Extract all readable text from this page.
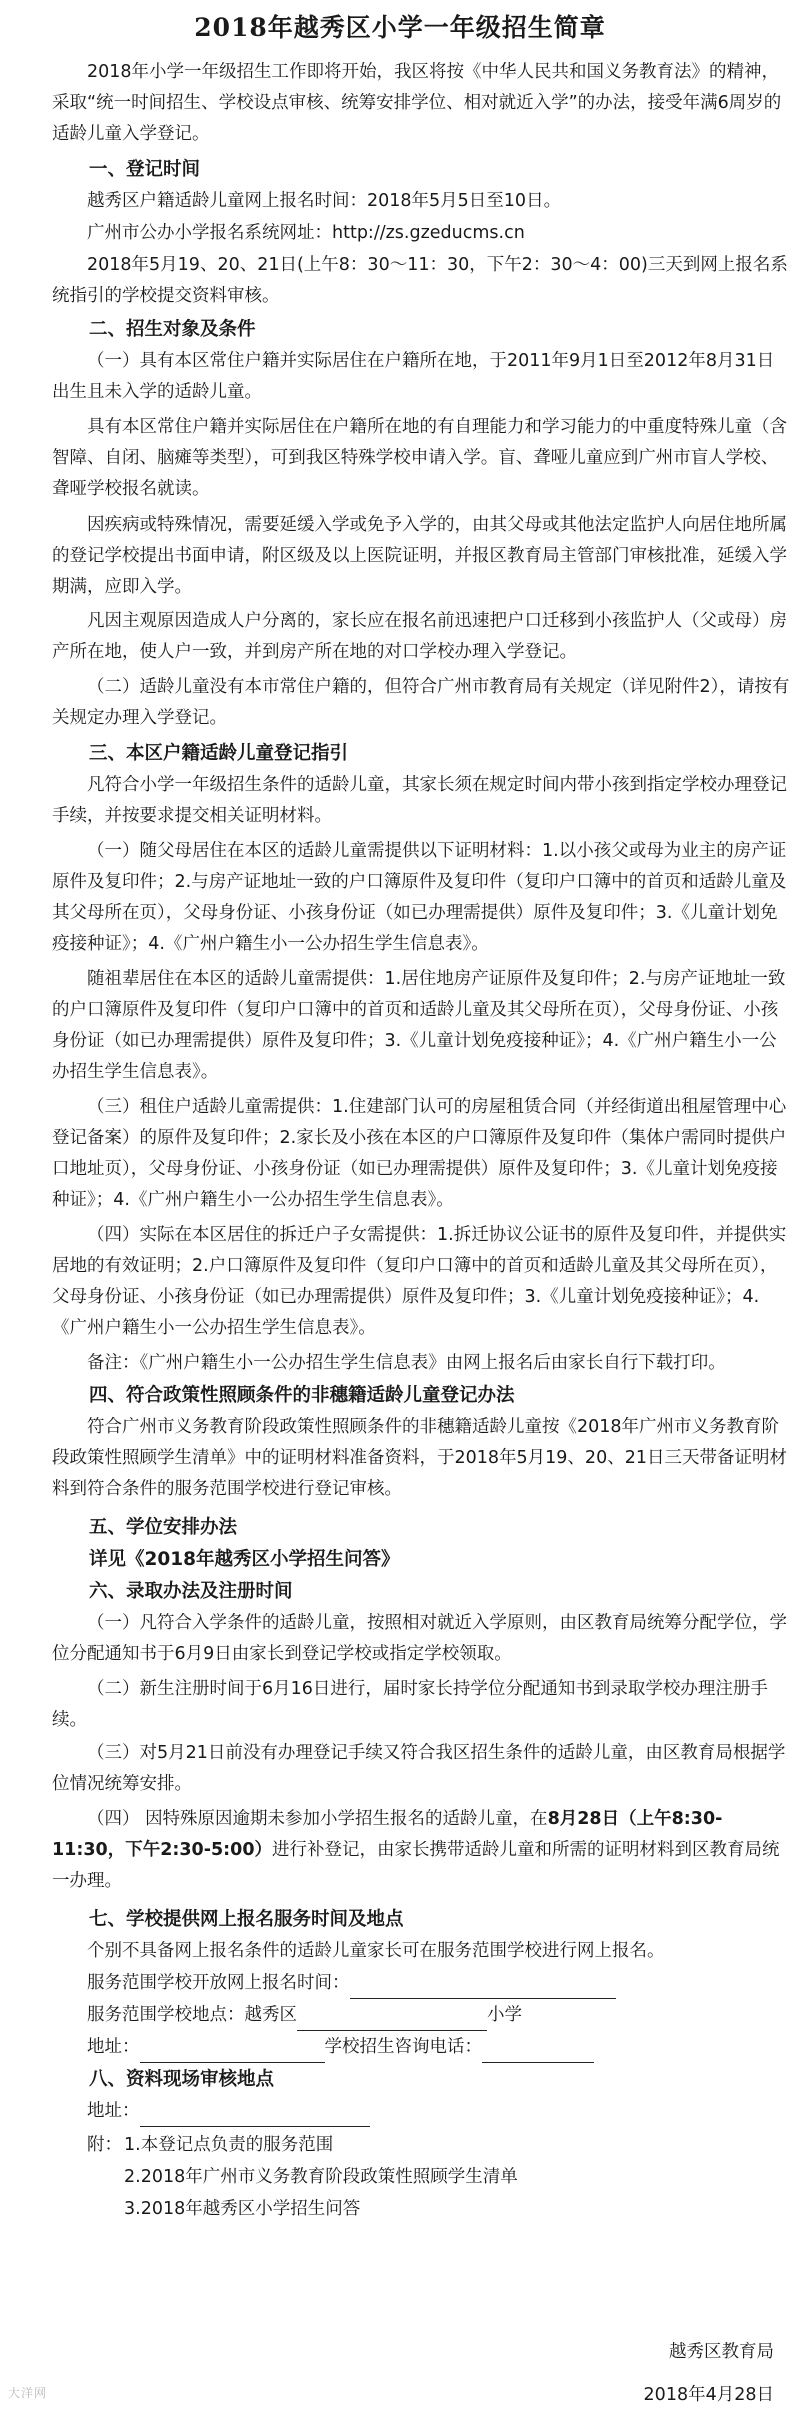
2018年越秀区小学一年级招生简章

2018年小学一年级招生工作即将开始，我区将按《中华人民共和国义务教育法》的精神，采取“统一时间招生、学校设点审核、统筹安排学位、相对就近入学”的办法，接受年满6周岁的适龄儿童入学登记。

一、登记时间

越秀区户籍适龄儿童网上报名时间：2018年5月5日至10日。

广州市公办小学报名系统网址：http://zs.gzeducms.cn

2018年5月19、20、21日(上午8：30～11：30，下午2：30～4：00)三天到网上报名系统指引的学校提交资料审核。

二、招生对象及条件

（一）具有本区常住户籍并实际居住在户籍所在地，于2011年9月1日至2012年8月31日出生且未入学的适龄儿童。

具有本区常住户籍并实际居住在户籍所在地的有自理能力和学习能力的中重度特殊儿童（含智障、自闭、脑瘫等类型），可到我区特殊学校申请入学。盲、聋哑儿童应到广州市盲人学校、聋哑学校报名就读。

因疾病或特殊情况，需要延缓入学或免予入学的，由其父母或其他法定监护人向居住地所属的登记学校提出书面申请，附区级及以上医院证明，并报区教育局主管部门审核批准，延缓入学期满，应即入学。

凡因主观原因造成人户分离的，家长应在报名前迅速把户口迁移到小孩监护人（父或母）房产所在地，使人户一致，并到房产所在地的对口学校办理入学登记。

（二）适龄儿童没有本市常住户籍的，但符合广州市教育局有关规定（详见附件2），请按有关规定办理入学登记。

三、本区户籍适龄儿童登记指引

凡符合小学一年级招生条件的适龄儿童，其家长须在规定时间内带小孩到指定学校办理登记手续，并按要求提交相关证明材料。

（一）随父母居住在本区的适龄儿童需提供以下证明材料：1.以小孩父或母为业主的房产证原件及复印件；2.与房产证地址一致的户口簿原件及复印件（复印户口簿中的首页和适龄儿童及其父母所在页），父母身份证、小孩身份证（如已办理需提供）原件及复印件；3.《儿童计划免疫接种证》；4.《广州户籍生小一公办招生学生信息表》。

随祖辈居住在本区的适龄儿童需提供：1.居住地房产证原件及复印件；2.与房产证地址一致的户口簿原件及复印件（复印户口簿中的首页和适龄儿童及其父母所在页），父母身份证、小孩身份证（如已办理需提供）原件及复印件；3.《儿童计划免疫接种证》；4.《广州户籍生小一公办招生学生信息表》。

（三）租住户适龄儿童需提供：1.住建部门认可的房屋租赁合同（并经街道出租屋管理中心登记备案）的原件及复印件；2.家长及小孩在本区的户口簿原件及复印件（集体户需同时提供户口地址页），父母身份证、小孩身份证（如已办理需提供）原件及复印件；3.《儿童计划免疫接种证》；4.《广州户籍生小一公办招生学生信息表》。

（四）实际在本区居住的拆迁户子女需提供：1.拆迁协议公证书的原件及复印件，并提供实居地的有效证明；2.户口簿原件及复印件（复印户口簿中的首页和适龄儿童及其父母所在页），父母身份证、小孩身份证（如已办理需提供）原件及复印件；3.《儿童计划免疫接种证》；4.《广州户籍生小一公办招生学生信息表》。

备注：《广州户籍生小一公办招生学生信息表》由网上报名后由家长自行下载打印。

四、符合政策性照顾条件的非穗籍适龄儿童登记办法

符合广州市义务教育阶段政策性照顾条件的非穗籍适龄儿童按《2018年广州市义务教育阶段政策性照顾学生清单》中的证明材料准备资料，于2018年5月19、20、21日三天带备证明材料到符合条件的服务范围学校进行登记审核。

五、学位安排办法

详见《2018年越秀区小学招生问答》

六、录取办法及注册时间

（一）凡符合入学条件的适龄儿童，按照相对就近入学原则，由区教育局统筹分配学位，学位分配通知书于6月9日由家长到登记学校或指定学校领取。

（二）新生注册时间于6月16日进行，届时家长持学位分配通知书到录取学校办理注册手续。

（三）对5月21日前没有办理登记手续又符合我区招生条件的适龄儿童，由区教育局根据学位情况统筹安排。

（四） 因特殊原因逾期未参加小学招生报名的适龄儿童，在8月28日（上午8:30-11:30，下午2:30-5:00）进行补登记，由家长携带适龄儿童和所需的证明材料到区教育局统一办理。

七、学校提供网上报名服务时间及地点

个别不具备网上报名条件的适龄儿童家长可在服务范围学校进行网上报名。

服务范围学校开放网上报名时间：

服务范围学校地点：越秀区	小学

地址：	学校招生咨询电话：

八、资料现场审核地点

地址：

附： 1.本登记点负责的服务范围

2.2018年广州市义务教育阶段政策性照顾学生清单

3.2018年越秀区小学招生问答

越秀区教育局
2018年4月28日
大洋网
